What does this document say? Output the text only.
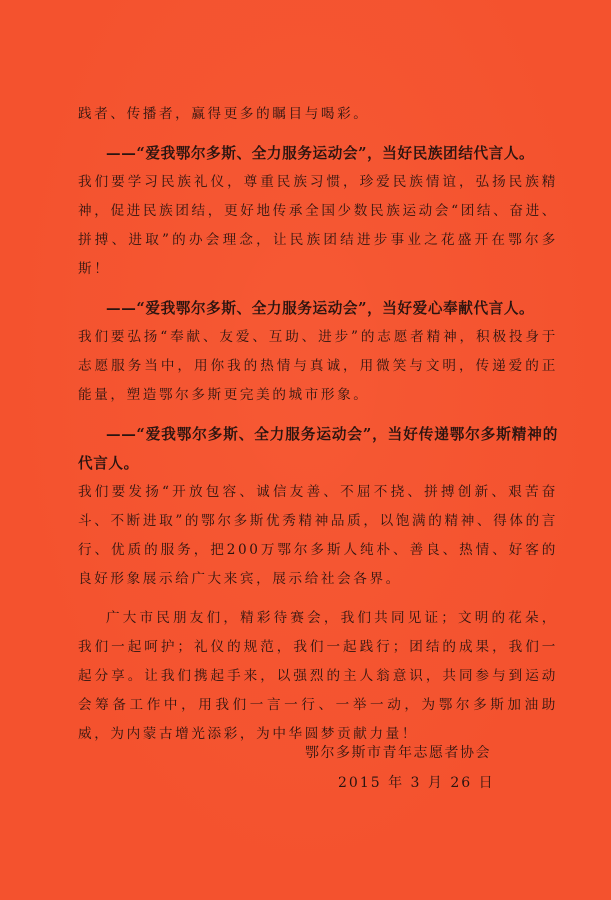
践者、传播者，赢得更多的瞩目与喝彩。

——“爱我鄂尔多斯、全力服务运动会”，当好民族团结代言人。

我们要学习民族礼仪，尊重民族习惯，珍爱民族情谊，弘扬民族精神，促进民族团结，更好地传承全国少数民族运动会“团结、奋进、拼搏、进取”的办会理念，让民族团结进步事业之花盛开在鄂尔多斯！

——“爱我鄂尔多斯、全力服务运动会”，当好爱心奉献代言人。

我们要弘扬“奉献、友爱、互助、进步”的志愿者精神，积极投身于志愿服务当中，用你我的热情与真诚，用微笑与文明，传递爱的正能量，塑造鄂尔多斯更完美的城市形象。

——“爱我鄂尔多斯、全力服务运动会”，当好传递鄂尔多斯精神的代言人。

我们要发扬“开放包容、诚信友善、不屈不挠、拼搏创新、艰苦奋斗、不断进取”的鄂尔多斯优秀精神品质，以饱满的精神、得体的言行、优质的服务，把200万鄂尔多斯人纯朴、善良、热情、好客的良好形象展示给广大来宾，展示给社会各界。

广大市民朋友们，精彩待赛会，我们共同见证；文明的花朵，我们一起呵护；礼仪的规范，我们一起践行；团结的成果，我们一起分享。让我们携起手来，以强烈的主人翁意识，共同参与到运动会筹备工作中，用我们一言一行、一举一动，为鄂尔多斯加油助威，为内蒙古增光添彩，为中华圆梦贡献力量！

鄂尔多斯市青年志愿者协会
2015 年 3 月 26 日
